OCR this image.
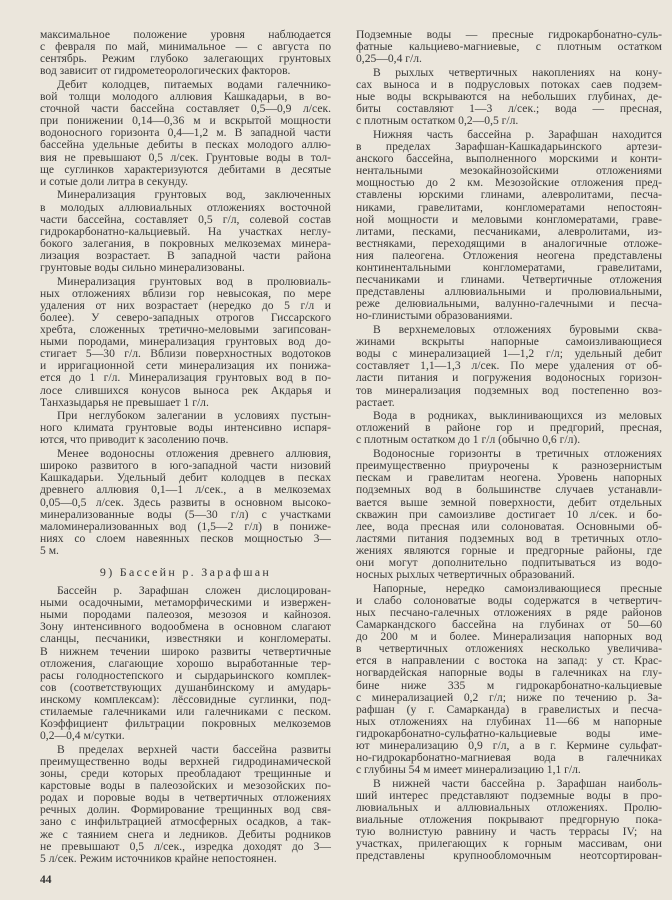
максимальное положение уровня наблюдается
с февраля по май, минимальное — с августа по
сентябрь. Режим глубоко залегающих грунтовых
вод зависит от гидрометеорологических факторов.
Дебит колодцев, питаемых водами галечнико-
вой толщи молодого аллювия Кашкадарьи, в во-
сточной части бассейна составляет 0,5—0,9 л/сек.
при понижении 0,14—0,36 м и вскрытой мощности
водоносного горизонта 0,4—1,2 м. В западной части
бассейна удельные дебиты в песках молодого аллю-
вия не превышают 0,5 л/сек. Грунтовые воды в тол-
ще суглинков характеризуются дебитами в десятые
и сотые доли литра в секунду.
Минерализация грунтовых вод, заключенных
в молодых аллювиальных отложениях восточной
части бассейна, составляет 0,5 г/л, солевой состав
гидрокарбонатно-кальциевый. На участках неглу-
бокого залегания, в покровных мелкоземах минера-
лизация возрастает. В западной части района
грунтовые воды сильно минерализованы.
Минерализация грунтовых вод в пролювиаль-
ных отложениях вблизи гор невысокая, по мере
удаления от них возрастает (нередко до 5 г/л и
более). У северо-западных отрогов Гиссарского
хребта, сложенных третично-меловыми загипсован-
ными породами, минерализация грунтовых вод до-
стигает 5—30 г/л. Вблизи поверхностных водотоков
и ирригационной сети минерализация их понижа-
ется до 1 г/л. Минерализация грунтовых вод в по-
лосе слившихся конусов выноса рек Акдарья и
Танхазыдарья не превышает 1 г/л.
При неглубоком залегании в условиях пустын-
ного климата грунтовые воды интенсивно испаря-
ются, что приводит к засолению почв.
Менее водоносны отложения древнего аллювия,
широко развитого в юго-западной части низовий
Кашкадарьи. Удельный дебит колодцев в песках
древнего аллювия 0,1—1 л/сек., а в мелкоземах
0,05—0,5 л/сек. Здесь развиты в основном высоко-
минерализованные воды (5—30 г/л) с участками
маломинерализованных вод (1,5—2 г/л) в пониже-
ниях со слоем навеянных песков мощностью 3—
5 м.
9) Бассейн р. Зарафшан
Бассейн р. Зарафшан сложен дислоцирован-
ными осадочными, метаморфическими и извержен-
ными породами палеозоя, мезозоя и кайнозоя.
Зону интенсивного водообмена в основном слагают
сланцы, песчаники, известняки и конгломераты.
В нижнем течении широко развиты четвертичные
отложения, слагающие хорошо выработанные тер-
расы голодностепского и сырдарьинского комплек-
сов (соответствующих душанбинскому и амударь-
инскому комплексам): лёссовидные суглинки, под-
стилаемые галечниками или галечниками с песком.
Коэффициент фильтрации покровных мелкоземов
0,2—0,4 м/сутки.
В пределах верхней части бассейна развиты
преимущественно воды верхней гидродинамической
зоны, среди которых преобладают трещинные и
карстовые воды в палеозойских и мезозойских по-
родах и поровые воды в четвертичных отложениях
речных долин. Формирование трещинных вод свя-
зано с инфильтрацией атмосферных осадков, а так-
же с таянием снега и ледников. Дебиты родников
не превышают 0,5 л/сек., изредка доходят до 3—
5 л/сек. Режим источников крайне непостоянен.
Подземные воды — пресные гидрокарбонатно-суль-
фатные кальциево-магниевые, с плотным остатком
0,25—0,4 г/л.
В рыхлых четвертичных накоплениях на кону-
сах выноса и в подрусловых потоках саев подзем-
ные воды вскрываются на небольших глубинах, де-
биты составляют 1—3 л/сек.; вода — пресная,
с плотным остатком 0,2—0,5 г/л.
Нижняя часть бассейна р. Зарафшан находится
в пределах Зарафшан-Кашкадарьинского артези-
анского бассейна, выполненного морскими и конти-
нентальными мезокайнозойскими отложениями
мощностью до 2 км. Мезозойские отложения пред-
ставлены юрскими глинами, алевролитами, песча-
никами, гравелитами, конгломератами непостоян-
ной мощности и меловыми конгломератами, граве-
литами, песками, песчаниками, алевролитами, из-
вестняками, переходящими в аналогичные отложе-
ния палеогена. Отложения неогена представлены
континентальными конгломератами, гравелитами,
песчаниками и глинами. Четвертичные отложения
представлены аллювиальными и пролювиальными,
реже делювиальными, валунно-галечными и песча-
но-глинистыми образованиями.
В верхнемеловых отложениях буровыми сква-
жинами вскрыты напорные самоизливающиеся
воды с минерализацией 1—1,2 г/л; удельный дебит
составляет 1,1—1,3 л/сек. По мере удаления от об-
ласти питания и погружения водоносных горизон-
тов минерализация подземных вод постепенно воз-
растает.
Вода в родниках, выклинивающихся из меловых
отложений в районе гор и предгорий, пресная,
с плотным остатком до 1 г/л (обычно 0,6 г/л).
Водоносные горизонты в третичных отложениях
преимущественно приурочены к разнозернистым
пескам и гравелитам неогена. Уровень напорных
подземных вод в большинстве случаев устанавли-
вается выше земной поверхности, дебит отдельных
скважин при самоизливе достигает 10 л/сек. и бо-
лее, вода пресная или солоноватая. Основными об-
ластями питания подземных вод в третичных отло-
жениях являются горные и предгорные районы, где
они могут дополнительно подпитываться из водо-
носных рыхлых четвертичных образований.
Напорные, нередко самоизливающиеся пресные
и слабо солоноватые воды содержатся в четвертич-
ных песчано-галечных отложениях в ряде районов
Самаркандского бассейна на глубинах от 50—60
до 200 м и более. Минерализация напорных вод
в четвертичных отложениях несколько увеличива-
ется в направлении с востока на запад: у ст. Крас-
ногвардейская напорные воды в галечниках на глу-
бине ниже 335 м гидрокарбонатно-кальциевые
с минерализацией 0,2 г/л; ниже по течению р. За-
рафшан (у г. Самарканда) в гравелистых и песча-
ных отложениях на глубинах 11—66 м напорные
гидрокарбонатно-сульфатно-кальциевые воды име-
ют минерализацию 0,9 г/л, а в г. Кермине сульфат-
но-гидрокарбонатно-магниевая вода в галечниках
с глубины 54 м имеет минерализацию 1,1 г/л.
В нижней части бассейна р. Зарафшан наиболь-
ший интерес представляют подземные воды в про-
лювиальных и аллювиальных отложениях. Пролю-
виальные отложения покрывают предгорную пока-
тую волнистую равнину и часть террасы IV; на
участках, прилегающих к горным массивам, они
представлены крупнообломочным неотсортирован-
44
